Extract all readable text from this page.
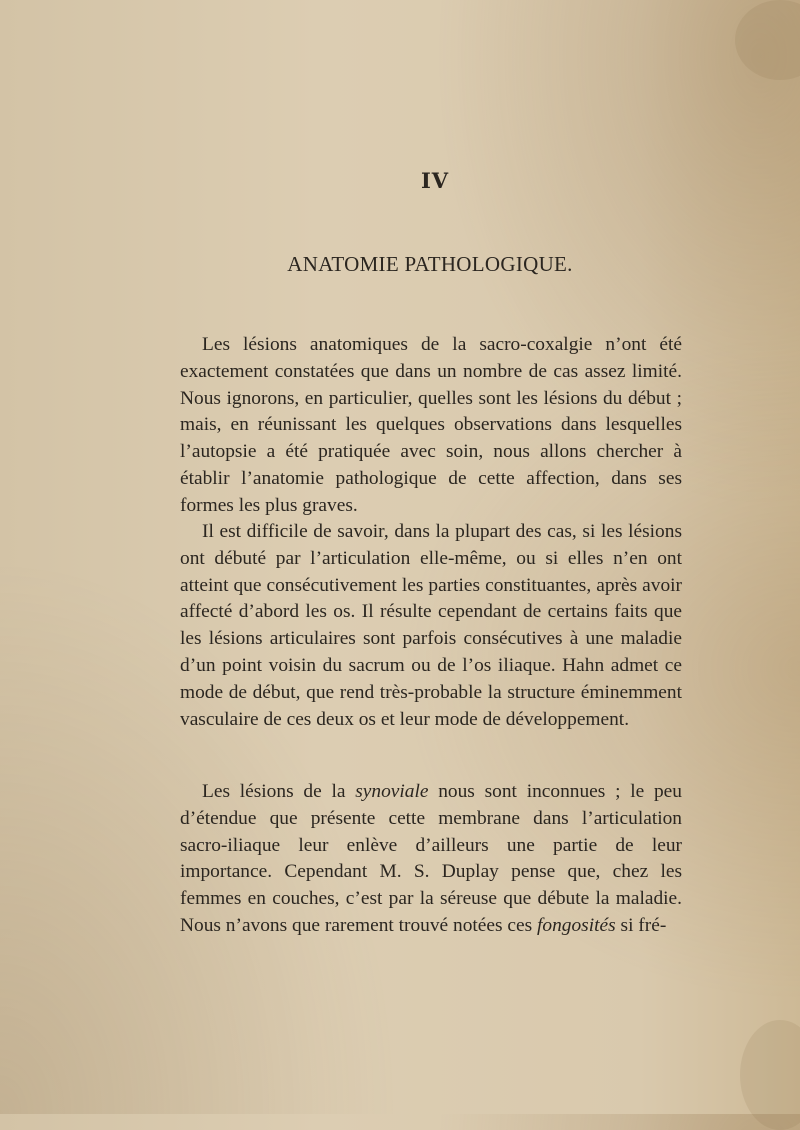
IV
ANATOMIE PATHOLOGIQUE.

Les lésions anatomiques de la sacro-coxalgie n’ont été exactement constatées que dans un nombre de cas assez limité. Nous ignorons, en particulier, quelles sont les lésions du début ; mais, en réunissant les quelques observations dans lesquelles l’autopsie a été pratiquée avec soin, nous allons chercher à établir l’anatomie pathologique de cette affection, dans ses formes les plus graves.

Il est difficile de savoir, dans la plupart des cas, si les lésions ont débuté par l’articulation elle-même, ou si elles n’en ont atteint que consécutivement les parties constituantes, après avoir affecté d’abord les os. Il résulte cependant de certains faits que les lésions articulaires sont parfois consécutives à une maladie d’un point voisin du sacrum ou de l’os iliaque. Hahn admet ce mode de début, que rend très-probable la structure éminemment vasculaire de ces deux os et leur mode de développement.

Les lésions de la synoviale nous sont inconnues ; le peu d’étendue que présente cette membrane dans l’articulation sacro-iliaque leur enlève d’ailleurs une partie de leur importance. Cependant M. S. Duplay pense que, chez les femmes en couches, c’est par la séreuse que débute la maladie. Nous n’avons que rarement trouvé notées ces fongosités si fré-
